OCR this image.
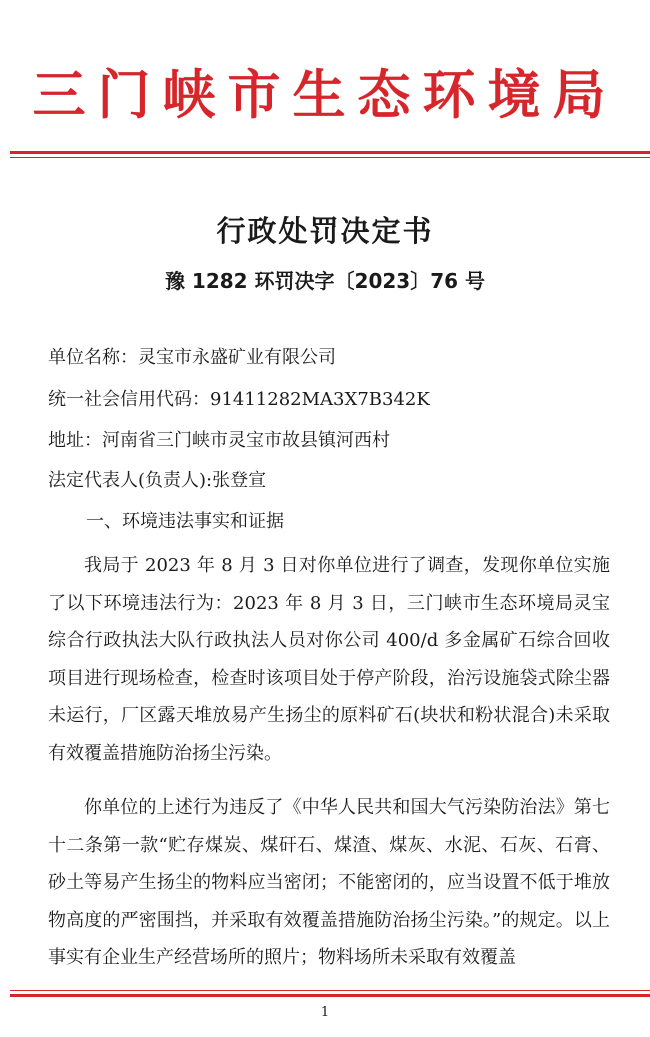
三门峡市生态环境局
行政处罚决定书
豫 1282 环罚决字〔2023〕76 号
单位名称：灵宝市永盛矿业有限公司
统一社会信用代码：91411282MA3X7B342K
地址：河南省三门峡市灵宝市故县镇河西村
法定代表人(负责人):张登宣
一、环境违法事实和证据
我局于 2023 年 8 月 3 日对你单位进行了调查，发现你单位实施了以下环境违法行为：2023 年 8 月 3 日，三门峡市生态环境局灵宝综合行政执法大队行政执法人员对你公司 400/d 多金属矿石综合回收项目进行现场检查，检查时该项目处于停产阶段，治污设施袋式除尘器未运行，厂区露天堆放易产生扬尘的原料矿石(块状和粉状混合)未采取有效覆盖措施防治扬尘污染。
你单位的上述行为违反了《中华人民共和国大气污染防治法》第七十二条第一款“贮存煤炭、煤矸石、煤渣、煤灰、水泥、石灰、石膏、砂土等易产生扬尘的物料应当密闭；不能密闭的，应当设置不低于堆放物高度的严密围挡，并采取有效覆盖措施防治扬尘污染。”的规定。以上事实有企业生产经营场所的照片；物料场所未采取有效覆盖
1
